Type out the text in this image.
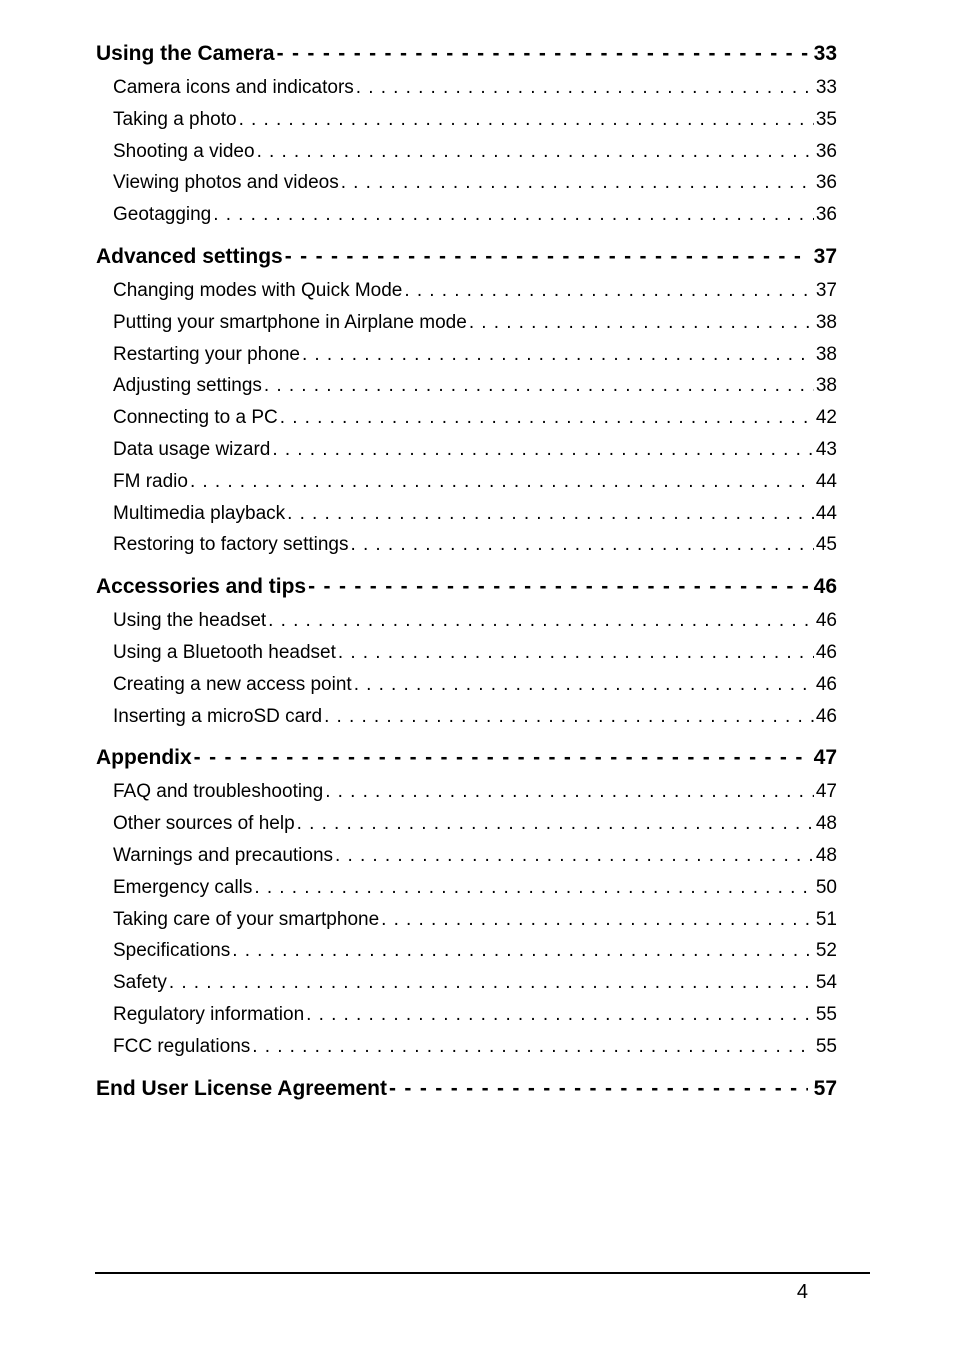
Using the Camera - - -	33
Camera icons and indicators . . .	33
Taking a photo . . .	35
Shooting a video . . .	36
Viewing photos and videos . . .	36
Geotagging . . .	36
Advanced settings - - -	37
Changing modes with Quick Mode . . .	37
Putting your smartphone in Airplane mode . . .	38
Restarting your phone . . .	38
Adjusting settings . . .	38
Connecting to a PC . . .	42
Data usage wizard . . .	43
FM radio . . .	44
Multimedia playback . . .	44
Restoring to factory settings . . .	45
Accessories and tips - - -	46
Using the headset . . .	46
Using a Bluetooth headset . . .	46
Creating a new access point . . .	46
Inserting a microSD card . . .	46
Appendix - - -	47
FAQ and troubleshooting . . .	47
Other sources of help . . .	48
Warnings and precautions . . .	48
Emergency calls . . .	50
Taking care of your smartphone . . .	51
Specifications . . .	52
Safety . . .	54
Regulatory information . . .	55
FCC regulations . . .	55
End User License Agreement - - -	57
4
